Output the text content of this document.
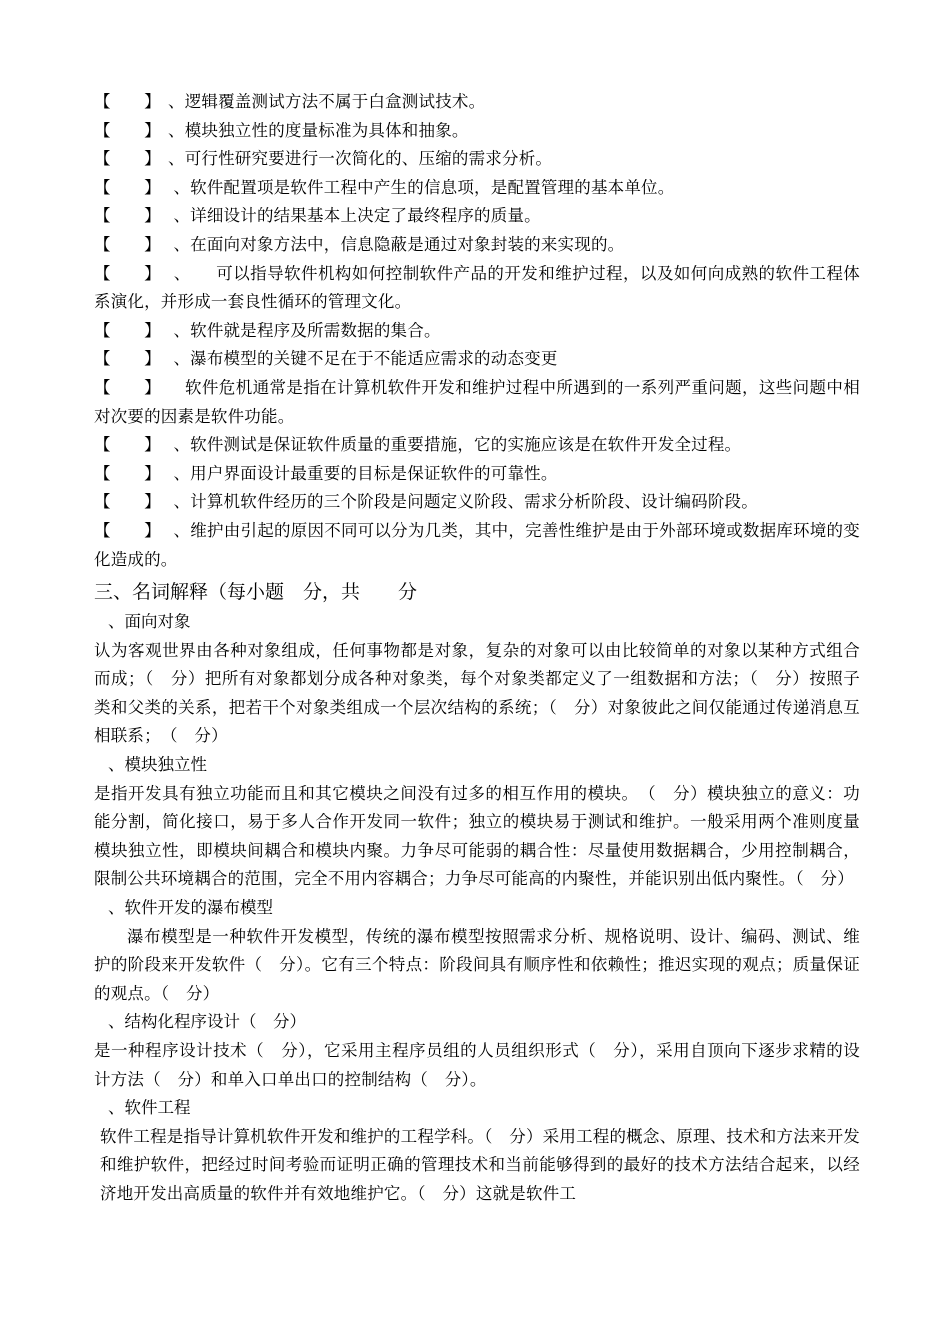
【　　】 、逻辑覆盖测试方法不属于白盒测试技术。
【　　】 、模块独立性的度量标准为具体和抽象。
【　　】 、可行性研究要进行一次简化的、压缩的需求分析。
【　　】 、软件配置项是软件工程中产生的信息项，是配置管理的基本单位。
【　　】 、详细设计的结果基本上决定了最终程序的质量。
【　　】 、在面向对象方法中，信息隐蔽是通过对象封装的来实现的。
【　　】 、　　可以指导软件机构如何控制软件产品的开发和维护过程，以及如何向成熟的软件工程体系演化，并形成一套良性循环的管理文化。
【　　】 、软件就是程序及所需数据的集合。
【　　】 、瀑布模型的关键不足在于不能适应需求的动态变更
【　　】　软件危机通常是指在计算机软件开发和维护过程中所遇到的一系列严重问题，这些问题中相对次要的因素是软件功能。
【　　】 、软件测试是保证软件质量的重要措施，它的实施应该是在软件开发全过程。
【　　】 、用户界面设计最重要的目标是保证软件的可靠性。
【　　】 、计算机软件经历的三个阶段是问题定义阶段、需求分析阶段、设计编码阶段。
【　　】 、维护由引起的原因不同可以分为几类，其中，完善性维护是由于外部环境或数据库环境的变化造成的。
三、名词解释（每小题　分，共　　分
、面向对象
认为客观世界由各种对象组成，任何事物都是对象，复杂的对象可以由比较简单的对象以某种方式组合而成；（　分）把所有对象都划分成各种对象类，每个对象类都定义了一组数据和方法；（　分）按照子类和父类的关系，把若干个对象类组成一个层次结构的系统；（　分）对象彼此之间仅能通过传递消息互相联系；　（　分）
、模块独立性
是指开发具有独立功能而且和其它模块之间没有过多的相互作用的模块。　（　分）模块独立的意义：功能分割，简化接口，易于多人合作开发同一软件；独立的模块易于测试和维护。一般采用两个准则度量模块独立性，即模块间耦合和模块内聚。力争尽可能弱的耦合性：尽量使用数据耦合，少用控制耦合，限制公共环境耦合的范围，完全不用内容耦合；力争尽可能高的内聚性，并能识别出低内聚性。（　分）
、软件开发的瀑布模型
瀑布模型是一种软件开发模型，传统的瀑布模型按照需求分析、规格说明、设计、编码、测试、维护的阶段来开发软件（　分）。它有三个特点：阶段间具有顺序性和依赖性；推迟实现的观点；质量保证的观点。（　分）
、结构化程序设计（　分）
是一种程序设计技术（　分），它采用主程序员组的人员组织形式（　分），采用自顶向下逐步求精的设计方法（　分）和单入口单出口的控制结构（　分）。
、软件工程
软件工程是指导计算机软件开发和维护的工程学科。（　分）采用工程的概念、原理、技术和方法来开发和维护软件，把经过时间考验而证明正确的管理技术和当前能够得到的最好的技术方法结合起来，以经济地开发出高质量的软件并有效地维护它。（　分）这就是软件工
